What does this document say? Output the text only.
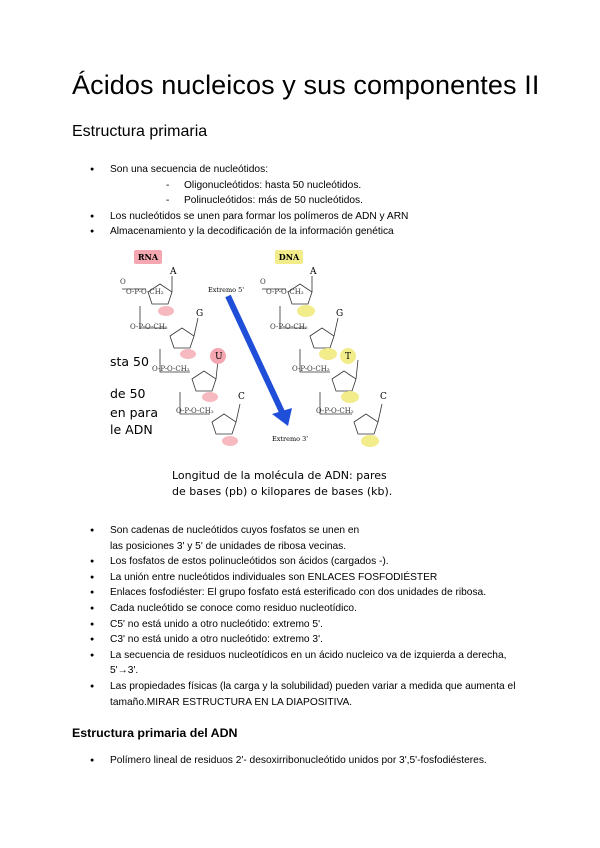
Ácidos nucleicos y sus componentes II
Estructura primaria
● Son una secuencia de nucleótidos:
- Oligonucleótidos: hasta 50 nucleótidos.
- Polinucleótidos: más de 50 nucleótidos.
● Los nucleótidos se unen para formar los polímeros de ADN y ARN
● Almacenamiento y la decodificación de la información genética
RNA	DNA
O
O-P-O-CH₂
O-P-O-CH₂
O-P-O-CH₂
O-P-O-CH₂
A
G
U
C
O
O-P-O-CH₂
O-P-O-CH₂
O-P-O-CH₂
O-P-O-CH₂
A
G
T
C
Extremo 5'
Extremo 3'
sta 50
de 50
en para
le ADN
Longitud de la molécula de ADN: pares
de bases (pb) o kilopares de bases (kb).
● Son cadenas de nucleótidos cuyos fosfatos se unen en las posiciones 3' y 5' de unidades de ribosa vecinas.
● Los fosfatos de estos polinucleótidos son ácidos (cargados -).
● La unión entre nucleótidos individuales son ENLACES FOSFODIÉSTER
● Enlaces fosfodiéster: El grupo fosfato está esterificado con dos unidades de ribosa.
● Cada nucleótido se conoce como residuo nucleotídico.
● C5' no está unido a otro nucleótido: extremo 5'.
● C3' no está unido a otro nucleótido: extremo 3'.
● La secuencia de residuos nucleotídicos en un ácido nucleico va de izquierda a derecha, 5'→3'.
● Las propiedades físicas (la carga y la solubilidad) pueden variar a medida que aumenta el tamaño.MIRAR ESTRUCTURA EN LA DIAPOSITIVA.
Estructura primaria del ADN
● Polímero lineal de residuos 2'- desoxirribonucleótido unidos por 3',5'-fosfodiésteres.
